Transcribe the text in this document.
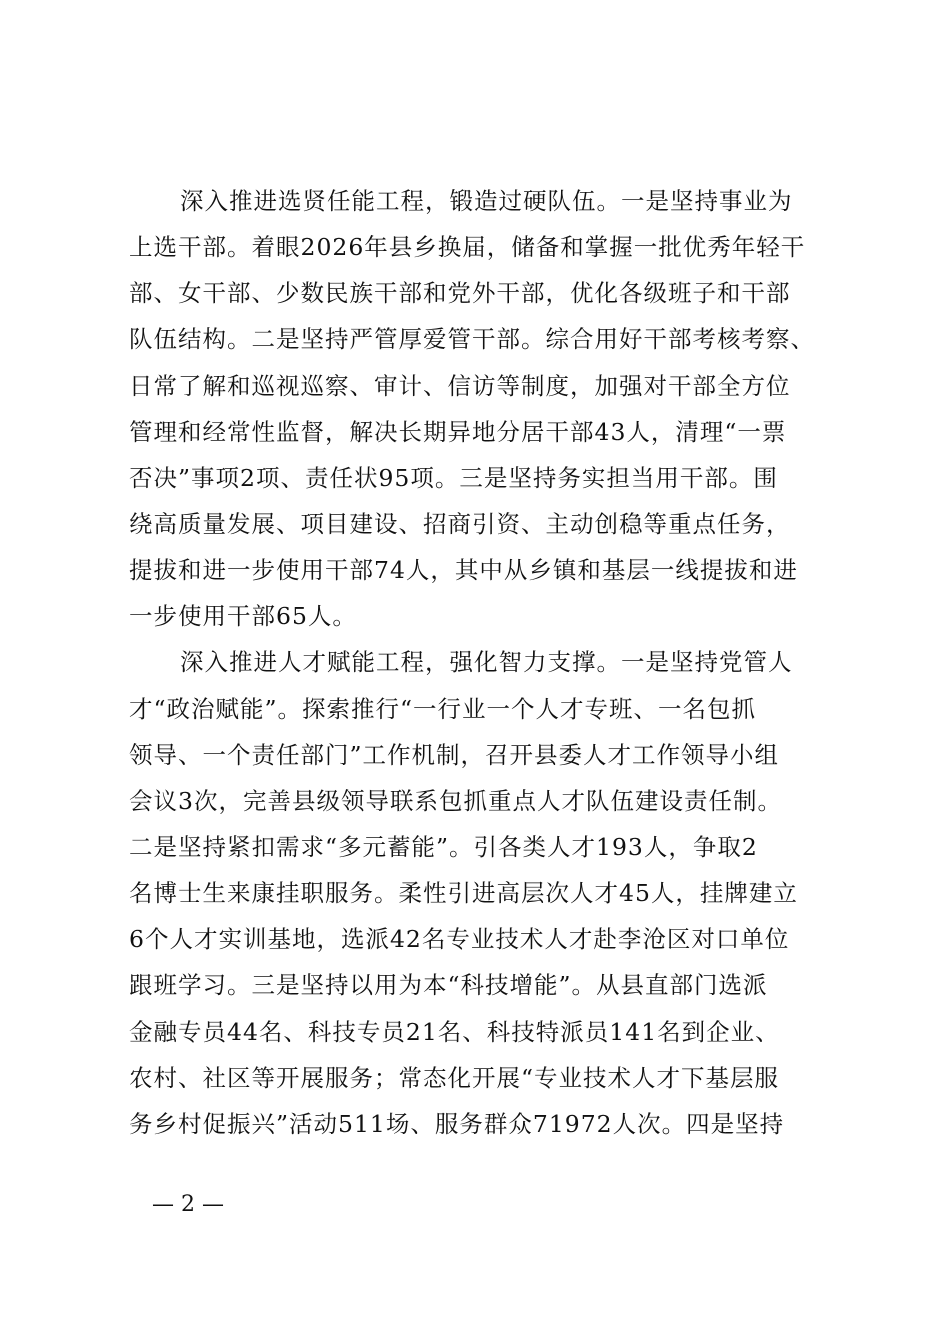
深入推进选贤任能工程，锻造过硬队伍。一是坚持事业为
上选干部。着眼2026年县乡换届，储备和掌握一批优秀年轻干
部、女干部、少数民族干部和党外干部，优化各级班子和干部
队伍结构。二是坚持严管厚爱管干部。综合用好干部考核考察、
日常了解和巡视巡察、审计、信访等制度，加强对干部全方位
管理和经常性监督，解决长期异地分居干部43人，清理“一票
否决”事项2项、责任状95项。三是坚持务实担当用干部。围
绕高质量发展、项目建设、招商引资、主动创稳等重点任务，
提拔和进一步使用干部74人，其中从乡镇和基层一线提拔和进
一步使用干部65人。
深入推进人才赋能工程，强化智力支撑。一是坚持党管人
才“政治赋能”。探索推行“一行业一个人才专班、一名包抓
领导、一个责任部门”工作机制，召开县委人才工作领导小组
会议3次，完善县级领导联系包抓重点人才队伍建设责任制。
二是坚持紧扣需求“多元蓄能”。引各类人才193人，争取2
名博士生来康挂职服务。柔性引进高层次人才45人，挂牌建立
6个人才实训基地，选派42名专业技术人才赴李沧区对口单位
跟班学习。三是坚持以用为本“科技增能”。从县直部门选派
金融专员44名、科技专员21名、科技特派员141名到企业、
农村、社区等开展服务；常态化开展“专业技术人才下基层服
务乡村促振兴”活动511场、服务群众71972人次。四是坚持
— 2 —
